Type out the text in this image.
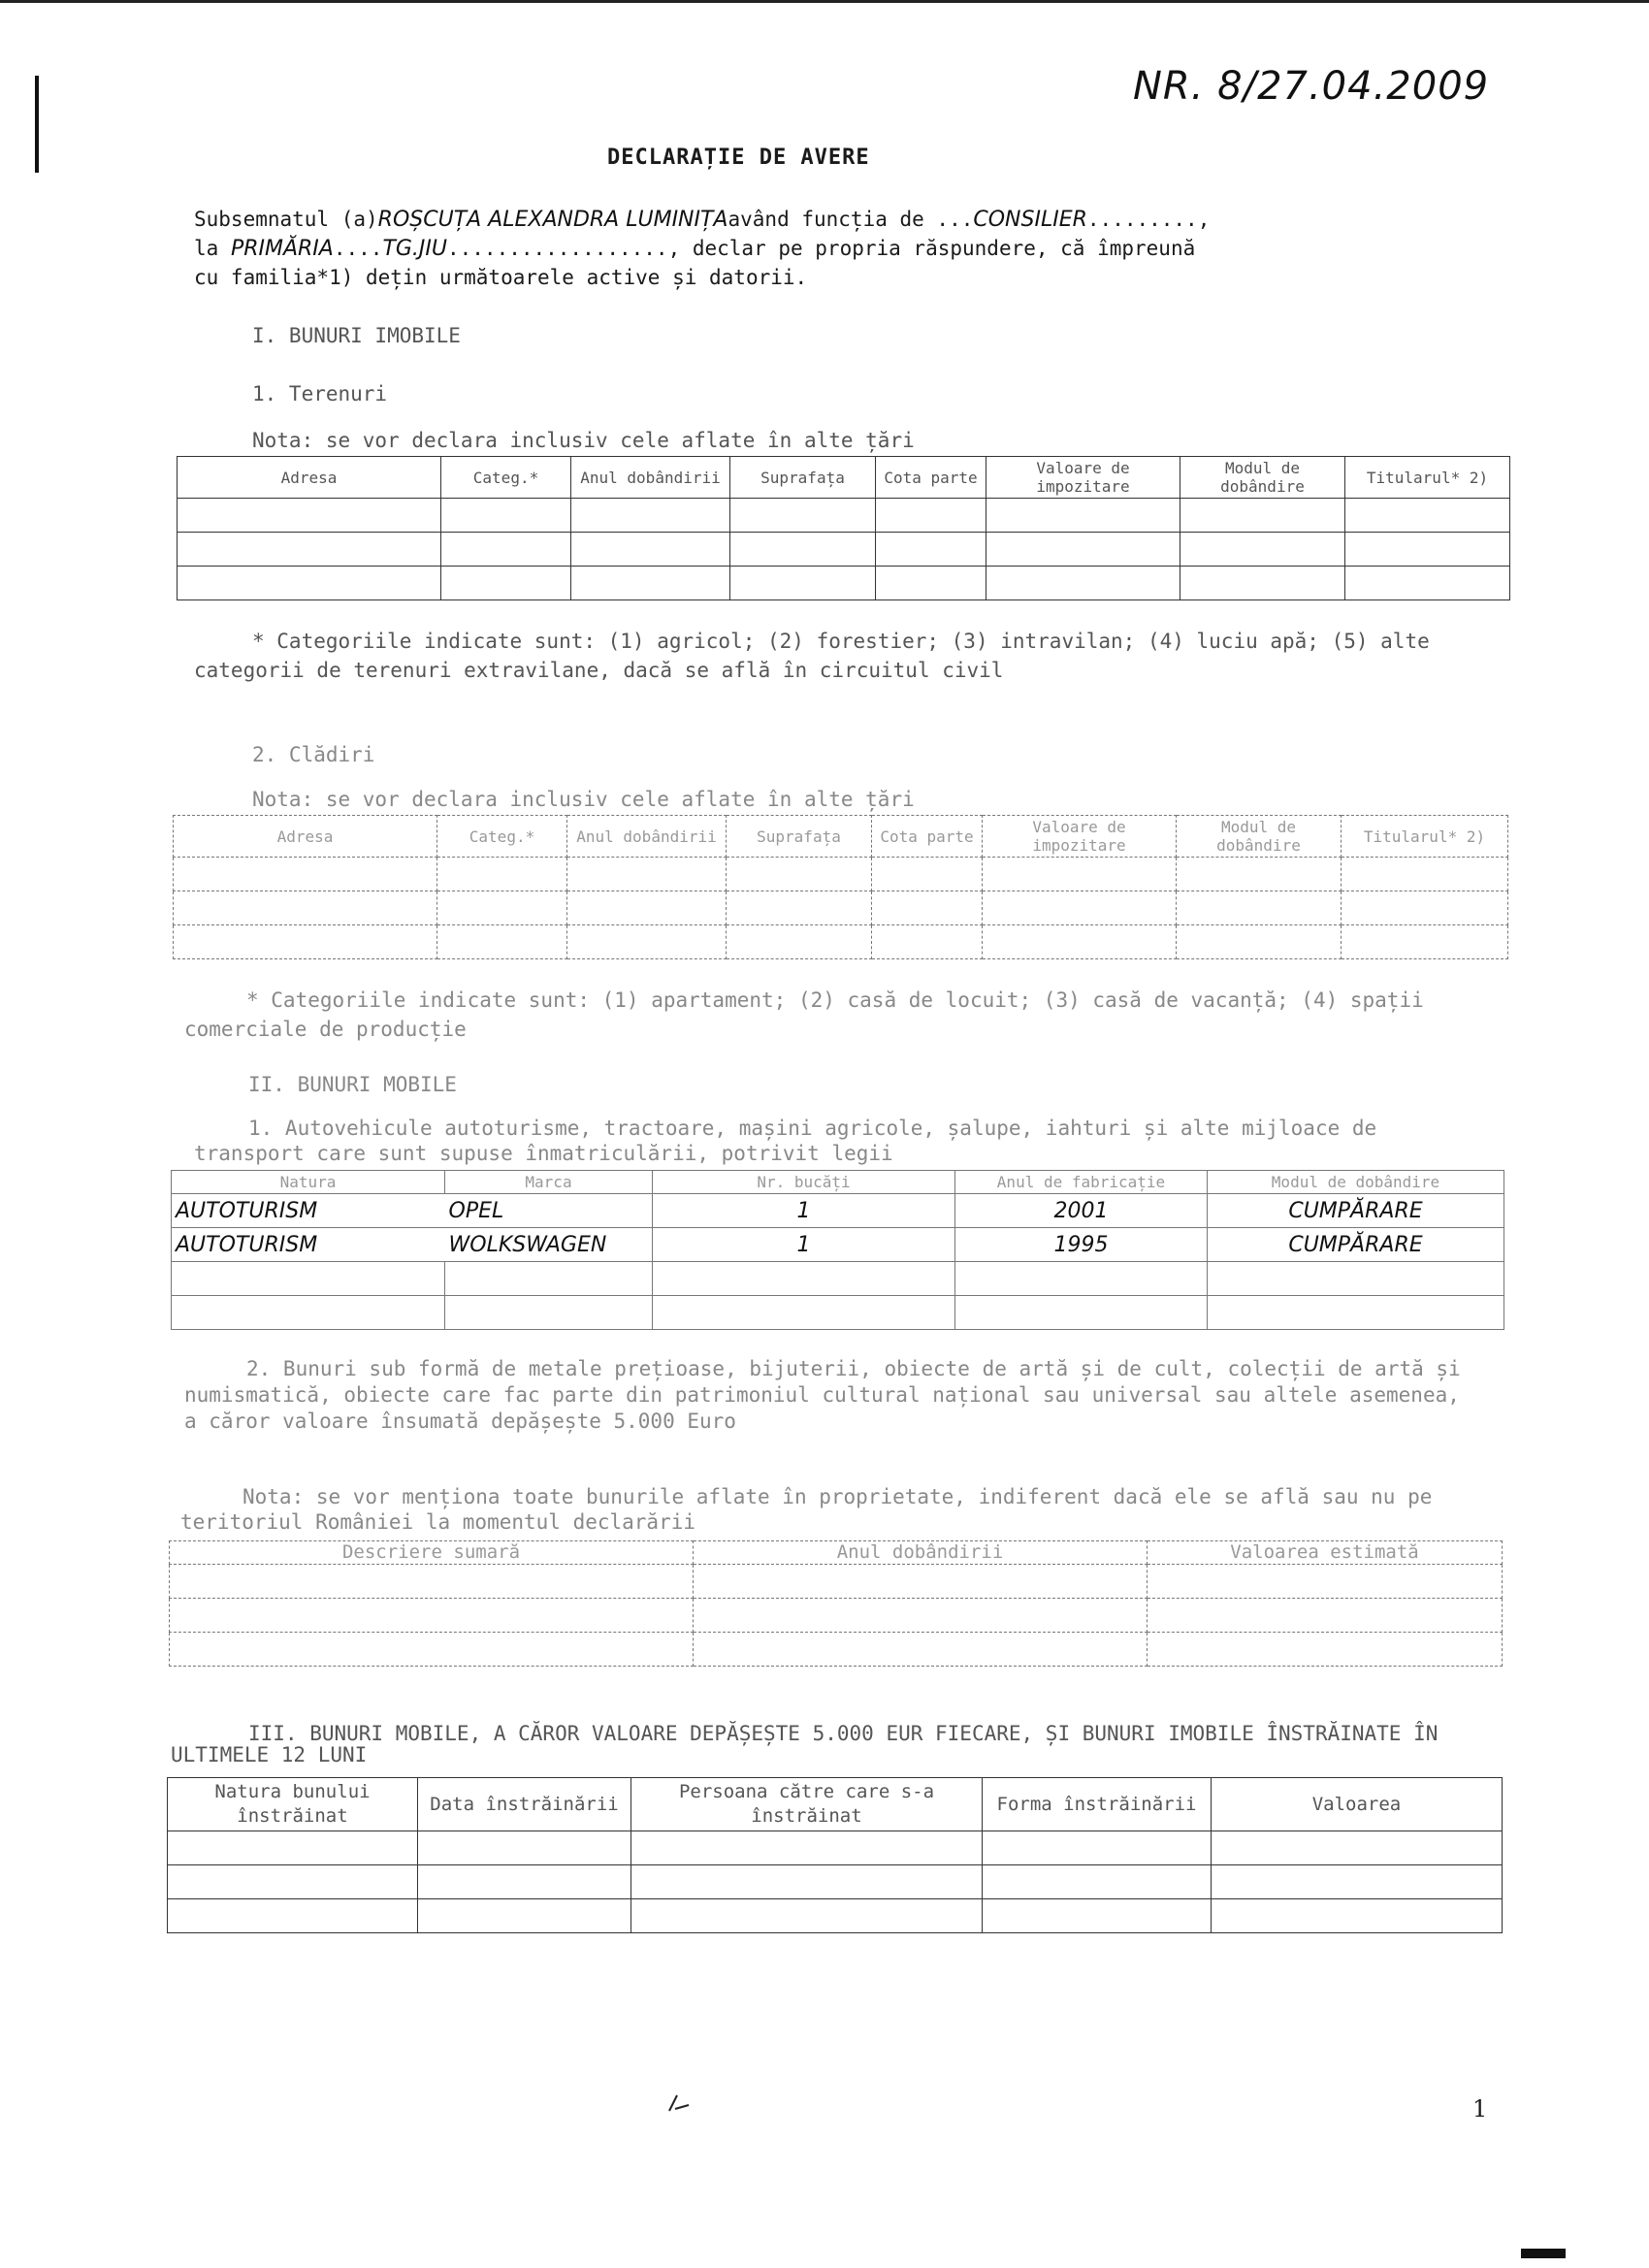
NR. 8/27.04.2009
DECLARAȚIE DE AVERE
Subsemnatul (a)ROȘCUȚA ALEXANDRA LUMINIȚAavând funcția de ...CONSILIER.........,
la PRIMĂRIA....TG.JIU.................., declar pe propria răspundere, că împreună
cu familia*1) dețin următoarele active și datorii.
I. BUNURI IMOBILE
1. Terenuri
Nota: se vor declara inclusiv cele aflate în alte țări
Adresa	Categ.*	Anul dobândirii	Suprafața	Cota parte	Valoare de impozitare	Modul de dobândire	Titularul* 2)

* Categoriile indicate sunt: (1) agricol; (2) forestier; (3) intravilan; (4) luciu apă; (5) alte categorii de terenuri extravilane, dacă se află în circuitul civil
2. Clădiri
Nota: se vor declara inclusiv cele aflate în alte țări
Adresa	Categ.*	Anul dobândirii	Suprafața	Cota parte	Valoare de impozitare	Modul de dobândire	Titularul* 2)

* Categoriile indicate sunt: (1) apartament; (2) casă de locuit; (3) casă de vacanță; (4) spații comerciale de producție
II. BUNURI MOBILE
1. Autovehicule autoturisme, tractoare, mașini agricole, șalupe, iahturi și alte mijloace de transport care sunt supuse înmatriculării, potrivit legii
Natura	Marca	Nr. bucăți	Anul de fabricație	Modul de dobândire
AUTOTURISM	OPEL	1	2001	CUMPĂRARE
AUTOTURISM	WOLKSWAGEN	1	1995	CUMPĂRARE

2. Bunuri sub formă de metale prețioase, bijuterii, obiecte de artă și de cult, colecții de artă și numismatică, obiecte care fac parte din patrimoniul cultural național sau universal sau altele asemenea, a căror valoare însumată depășește 5.000 Euro
Nota: se vor menționa toate bunurile aflate în proprietate, indiferent dacă ele se află sau nu pe teritoriul României la momentul declarării
Descriere sumară	Anul dobândirii	Valoarea estimată

III. BUNURI MOBILE, A CĂROR VALOARE DEPĂȘEȘTE 5.000 EUR FIECARE, ȘI BUNURI IMOBILE ÎNSTRĂINATE ÎN ULTIMELE 12 LUNI
Natura bunului înstrăinat	Data înstrăinării	Persoana către care s-a înstrăinat	Forma înstrăinării	Valoarea

1
